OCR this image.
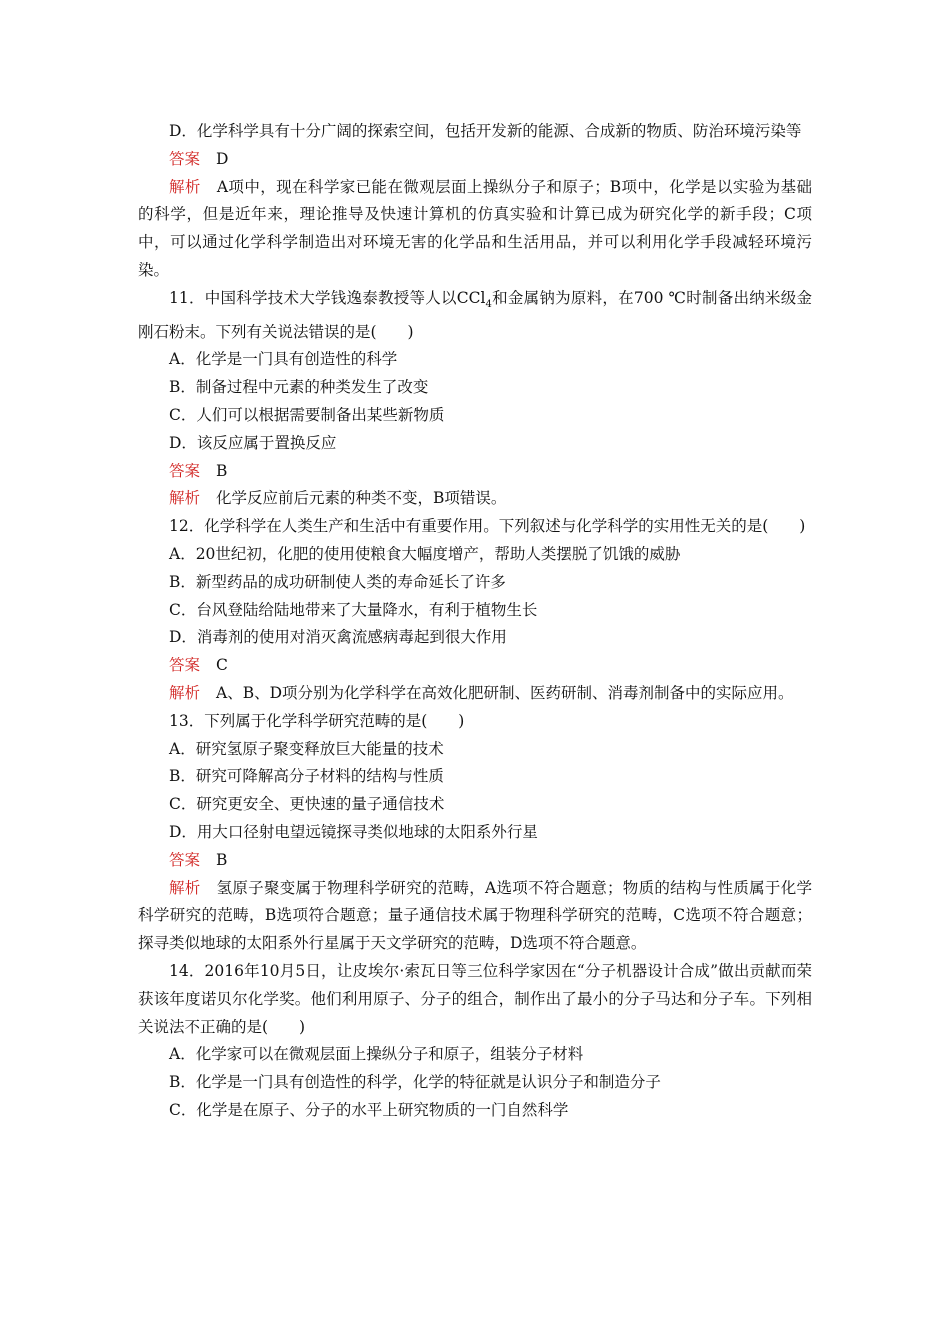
D．化学科学具有十分广阔的探索空间，包括开发新的能源、合成新的物质、防治环境污染等

答案 D

解析 A项中，现在科学家已能在微观层面上操纵分子和原子；B项中，化学是以实验为基础的科学，但是近年来，理论推导及快速计算机的仿真实验和计算已成为研究化学的新手段；C项中，可以通过化学科学制造出对环境无害的化学品和生活用品，并可以利用化学手段减轻环境污染。

11．中国科学技术大学钱逸泰教授等人以CCl$_4$和金属钠为原料，在700 ℃时制备出纳米级金刚石粉末。下列有关说法错误的是(　　)

A．化学是一门具有创造性的科学

B．制备过程中元素的种类发生了改变

C．人们可以根据需要制备出某些新物质

D．该反应属于置换反应

答案 B

解析 化学反应前后元素的种类不变，B项错误。

12．化学科学在人类生产和生活中有重要作用。下列叙述与化学科学的实用性无关的是(　　)

A．20世纪初，化肥的使用使粮食大幅度增产，帮助人类摆脱了饥饿的威胁

B．新型药品的成功研制使人类的寿命延长了许多

C．台风登陆给陆地带来了大量降水，有利于植物生长

D．消毒剂的使用对消灭禽流感病毒起到很大作用

答案 C

解析 A、B、D项分别为化学科学在高效化肥研制、医药研制、消毒剂制备中的实际应用。

13．下列属于化学科学研究范畴的是(　　)

A．研究氢原子聚变释放巨大能量的技术

B．研究可降解高分子材料的结构与性质

C．研究更安全、更快速的量子通信技术

D．用大口径射电望远镜探寻类似地球的太阳系外行星

答案 B

解析 氢原子聚变属于物理科学研究的范畴，A选项不符合题意；物质的结构与性质属于化学科学研究的范畴，B选项符合题意；量子通信技术属于物理科学研究的范畴，C选项不符合题意；探寻类似地球的太阳系外行星属于天文学研究的范畴，D选项不符合题意。

14．2016年10月5日，让皮埃尔·索瓦日等三位科学家因在“分子机器设计合成”做出贡献而荣获该年度诺贝尔化学奖。他们利用原子、分子的组合，制作出了最小的分子马达和分子车。下列相关说法不正确的是(　　)

A．化学家可以在微观层面上操纵分子和原子，组装分子材料

B．化学是一门具有创造性的科学，化学的特征就是认识分子和制造分子

C．化学是在原子、分子的水平上研究物质的一门自然科学
